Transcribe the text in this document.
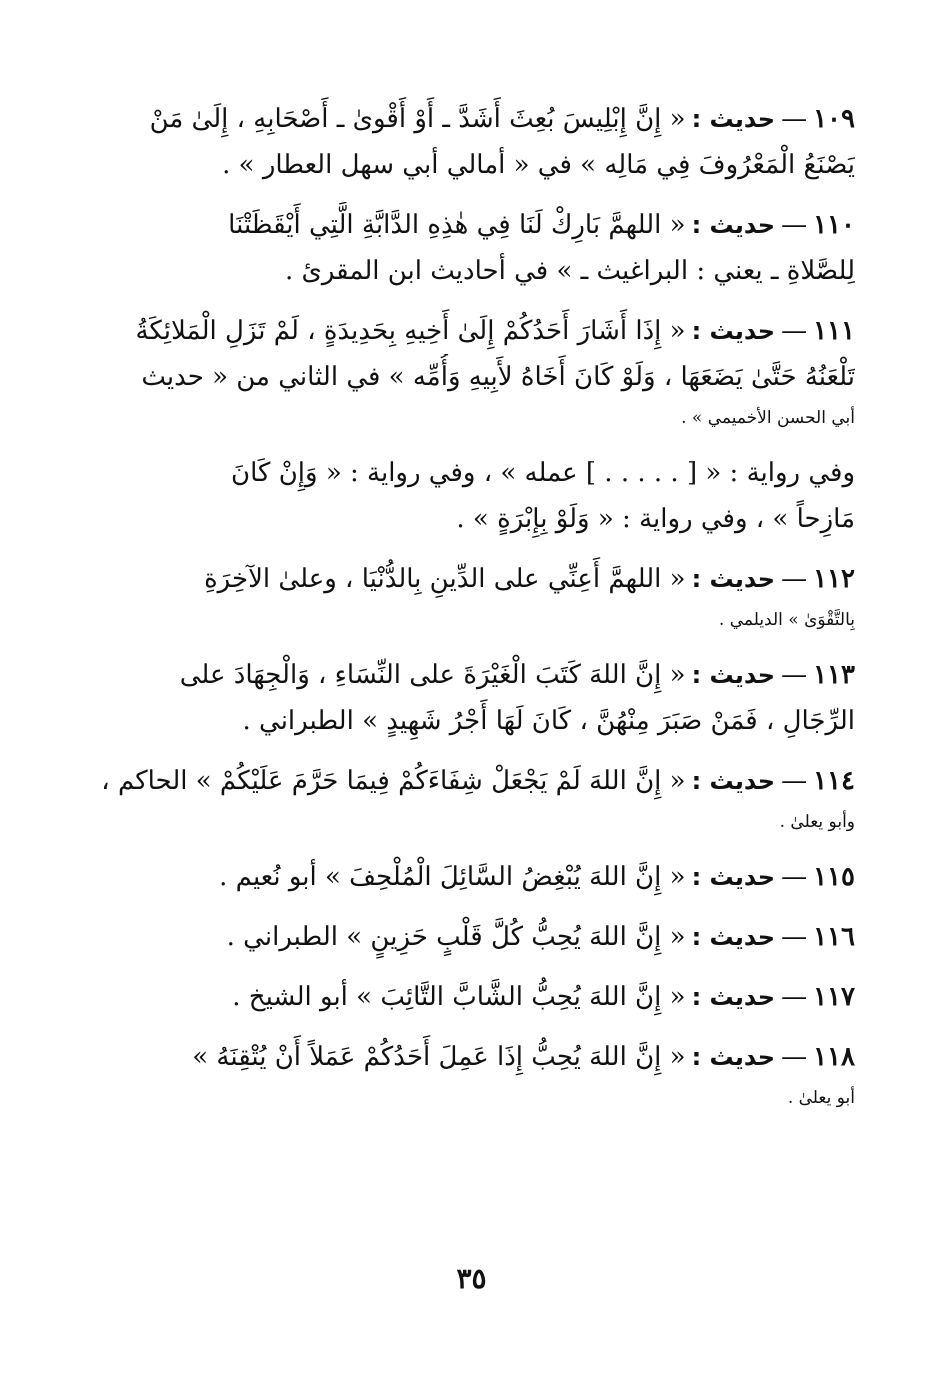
١٠٩—حديث :« إِنَّ إِبْلِيسَ بُعِثَ أَشَدَّ ـ أَوْ أَقْوىٰ ـ أَصْحَابِهِ ، إِلَىٰ مَنْ
يَصْنَعُ الْمَعْرُوفَ فِي مَالِه » في « أمالي أبي سهل العطار » .
١١٠—حديث :« اللهمَّ بَارِكْ لَنَا فِي هٰذِهِ الدَّابَّةِ الَّتِي أَيْقَظَتْنَا
لِلصَّلاةِ ـ يعني : البراغيث ـ » في أحاديث ابن المقرئ .
١١١—حديث :« إِذَا أَشَارَ أَحَدُكُمْ إِلَىٰ أَخِيهِ بِحَدِيدَةٍ ، لَمْ تَزَلِ الْمَلائِكَةُ
تَلْعَنُهُ حَتَّىٰ يَضَعَهَا ، وَلَوْ كَانَ أَخَاهُ لأَبِيهِ وَأُمِّه » في الثاني من « حديث
أبي الحسن الأخميمي » .
وفي رواية : « [ . . . . . ] عمله » ، وفي رواية : « وَإِنْ كَانَ
مَازِحاً » ، وفي رواية : « وَلَوْ بِإِبْرَةٍ » .
١١٢—حديث :« اللهمَّ أَعِنِّي على الدِّينِ بِالدُّنْيَا ، وعلىٰ الآخِرَةِ
بِالتَّقْوَىٰ » الديلمي .
١١٣—حديث :« إِنَّ اللهَ كَتَبَ الْغَيْرَةَ على النِّسَاءِ ، وَالْجِهَادَ على
الرِّجَالِ ، فَمَنْ صَبَرَ مِنْهُنَّ ، كَانَ لَهَا أَجْرُ شَهِيدٍ » الطبراني .
١١٤—حديث :« إِنَّ اللهَ لَمْ يَجْعَلْ شِفَاءَكُمْ فِيمَا حَرَّمَ عَلَيْكُمْ » الحاكم ،
وأبو يعلىٰ .
١١٥—حديث :« إِنَّ اللهَ يُبْغِضُ السَّائِلَ الْمُلْحِفَ » أبو نُعيم .
١١٦—حديث :« إِنَّ اللهَ يُحِبُّ كُلَّ قَلْبٍ حَزِينٍ » الطبراني .
١١٧—حديث :« إِنَّ اللهَ يُحِبُّ الشَّابَّ التَّائِبَ » أبو الشيخ .
١١٨—حديث :« إِنَّ اللهَ يُحِبُّ إِذَا عَمِلَ أَحَدُكُمْ عَمَلاً أَنْ يُتْقِنَهُ »
أبو يعلىٰ .
٣٥
